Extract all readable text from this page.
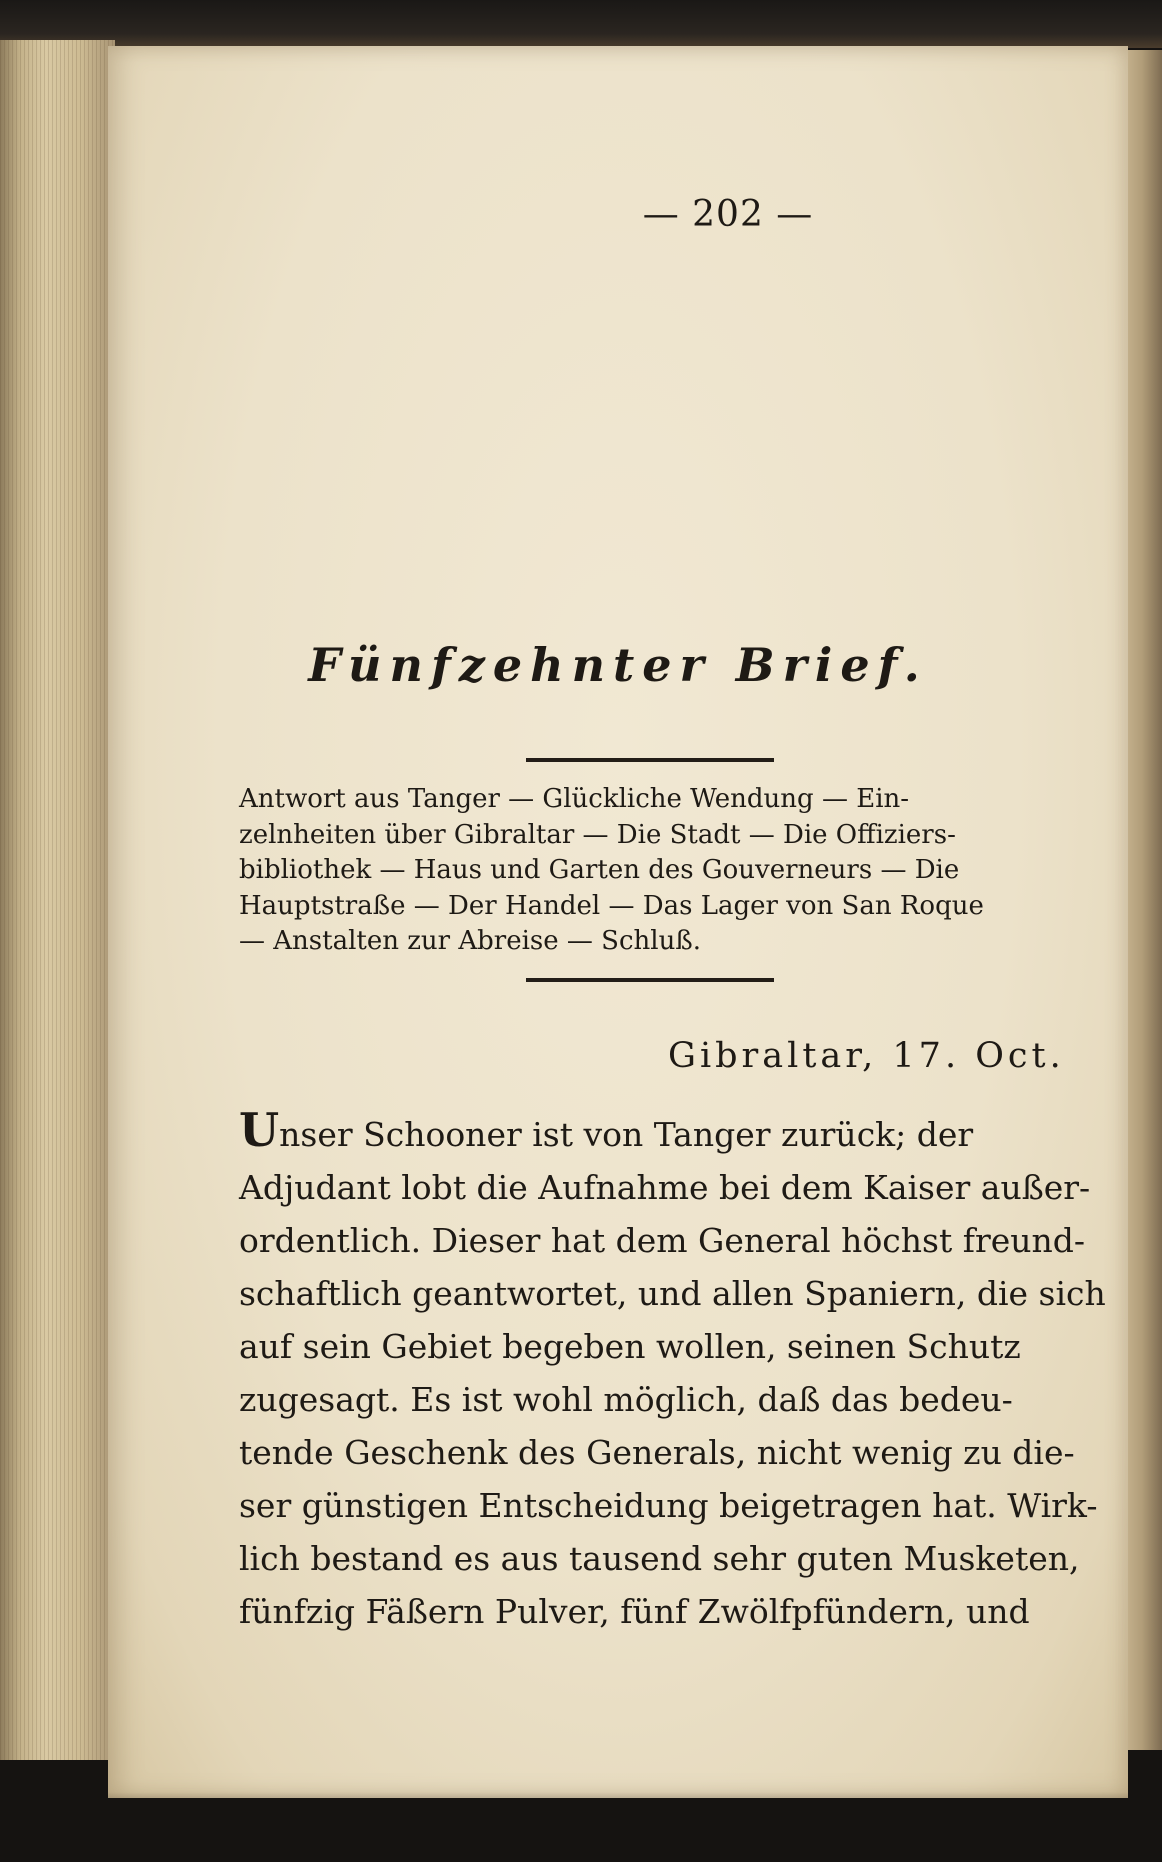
— 202 —
Fünfzehnter Brief.
Antwort aus Tanger — Glückliche Wendung — Ein-
zelnheiten über Gibraltar — Die Stadt — Die Offiziers-
bibliothek — Haus und Garten des Gouverneurs — Die
Hauptstraße — Der Handel — Das Lager von San Roque
— Anstalten zur Abreise — Schluß.
Gibraltar, 17. Oct.
Unser Schooner ist von Tanger zurück; der
Adjudant lobt die Aufnahme bei dem Kaiser außer-
ordentlich. Dieser hat dem General höchst freund-
schaftlich geantwortet, und allen Spaniern, die sich
auf sein Gebiet begeben wollen, seinen Schutz
zugesagt. Es ist wohl möglich, daß das bedeu-
tende Geschenk des Generals, nicht wenig zu die-
ser günstigen Entscheidung beigetragen hat. Wirk-
lich bestand es aus tausend sehr guten Musketen,
fünfzig Fäßern Pulver, fünf Zwölfpfündern, und
